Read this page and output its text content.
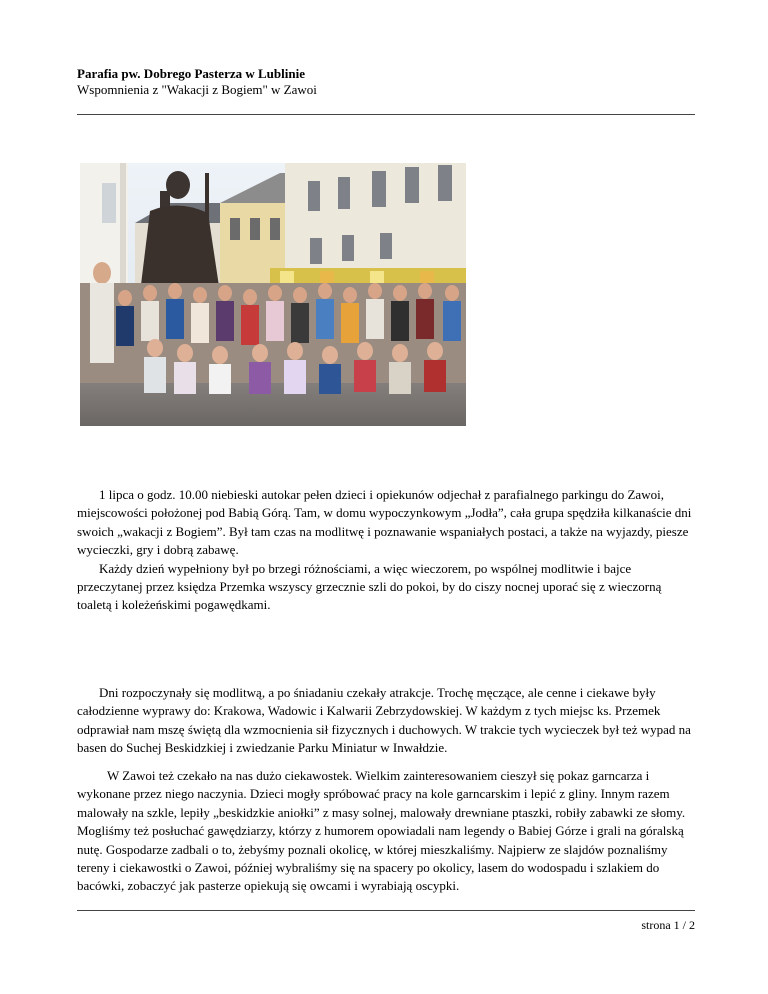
Parafia pw. Dobrego Pasterza w Lublinie
Wspomnienia z "Wakacji z Bogiem" w Zawoi

1 lipca o godz. 10.00 niebieski autokar pełen dzieci i opiekunów odjechał z parafialnego parkingu do Zawoi, miejscowości położonej pod Babią Górą. Tam, w domu wypoczynkowym „Jodła”, cała grupa spędziła kilkanaście dni swoich „wakacji z Bogiem”. Był tam czas na modlitwę i poznawanie wspaniałych postaci, a także na wyjazdy, piesze wycieczki, gry i dobrą zabawę.

Każdy dzień wypełniony był po brzegi różnościami, a więc wieczorem, po wspólnej modlitwie i bajce przeczytanej przez księdza Przemka wszyscy grzecznie szli do pokoi, by do ciszy nocnej uporać się z wieczorną toaletą i koleżeńskimi pogawędkami.

Dni rozpoczynały się modlitwą, a po śniadaniu czekały atrakcje. Trochę męczące, ale cenne i ciekawe były całodzienne wyprawy do: Krakowa, Wadowic i Kalwarii Zebrzydowskiej. W każdym z tych miejsc ks. Przemek odprawiał nam mszę świętą dla wzmocnienia sił fizycznych i duchowych. W trakcie tych wycieczek był też wypad na basen do Suchej Beskidzkiej i zwiedzanie Parku Miniatur w Inwałdzie.

W Zawoi też czekało na nas dużo ciekawostek. Wielkim zainteresowaniem cieszył się pokaz garncarza i wykonane przez niego naczynia. Dzieci mogły spróbować pracy na kole garncarskim i lepić z gliny. Innym razem malowały na szkle, lepiły „beskidzkie aniołki” z masy solnej, malowały drewniane ptaszki, robiły zabawki ze słomy. Mogliśmy też posłuchać gawędziarzy, którzy z humorem opowiadali nam legendy o Babiej Górze i grali na góralską nutę. Gospodarze zadbali o to, żebyśmy poznali okolicę, w której mieszkaliśmy. Najpierw ze slajdów poznaliśmy tereny i ciekawostki o Zawoi, później wybraliśmy się na spacery po okolicy, lasem do wodospadu i szlakiem do bacówki, zobaczyć jak pasterze opiekują się owcami i wyrabiają oscypki.

strona 1 / 2
